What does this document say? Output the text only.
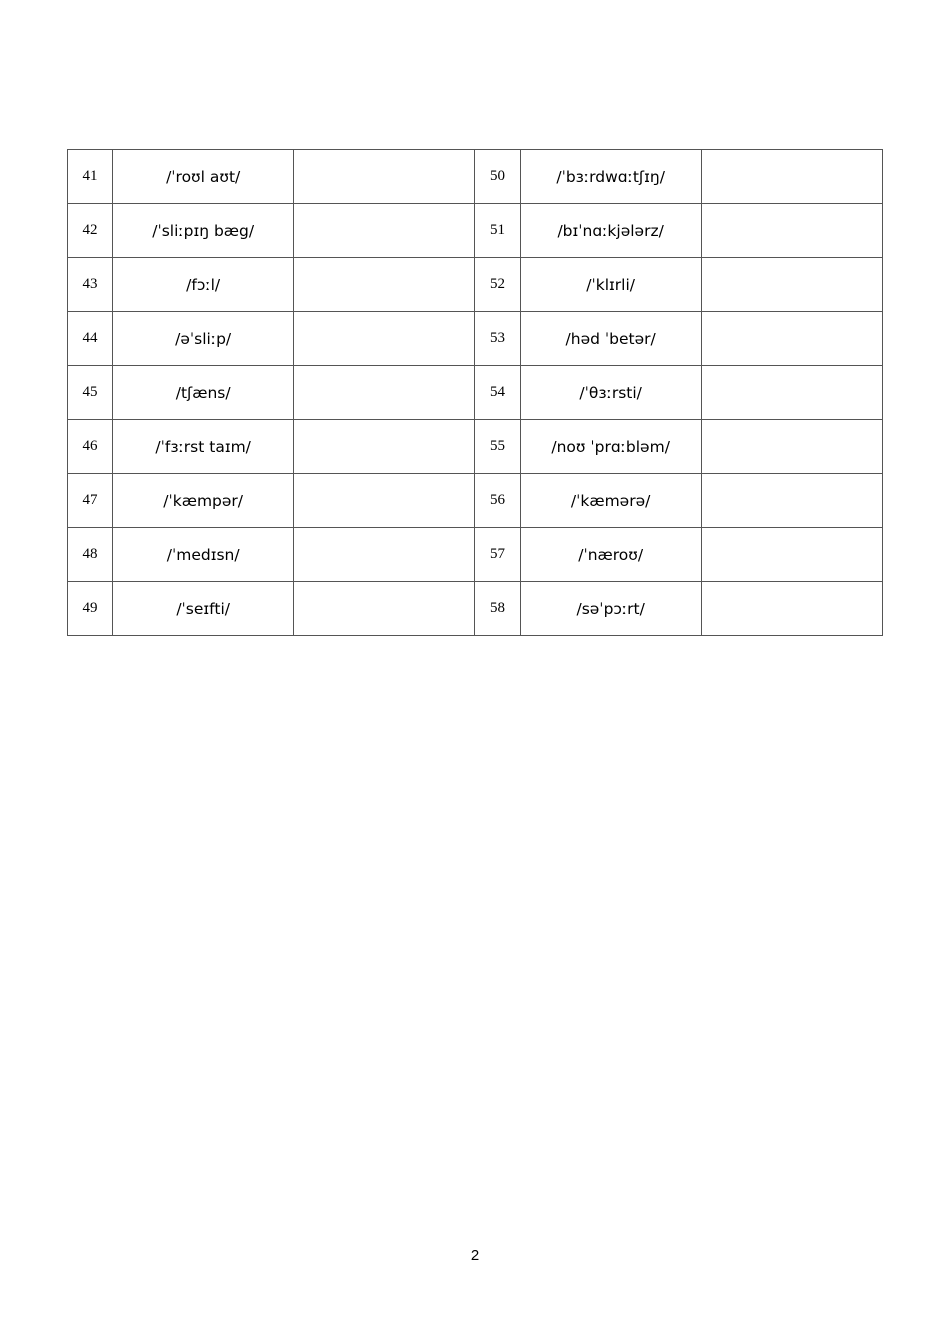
41	/ˈroʊl aʊt/		50	/ˈbɜːrdwɑːtʃɪŋ/	
42	/ˈsliːpɪŋ bæg/		51	/bɪˈnɑːkjələrz/	
43	/fɔːl/		52	/ˈklɪrli/	
44	/əˈsliːp/		53	/həd ˈbetər/	
45	/tʃæns/		54	/ˈθɜːrsti/	
46	/ˈfɜːrst taɪm/		55	/noʊ ˈprɑːbləm/	
47	/ˈkæmpər/		56	/ˈkæmərə/	
48	/ˈmedɪsn/		57	/ˈnæroʊ/	
49	/ˈseɪfti/		58	/səˈpɔːrt/	
2
